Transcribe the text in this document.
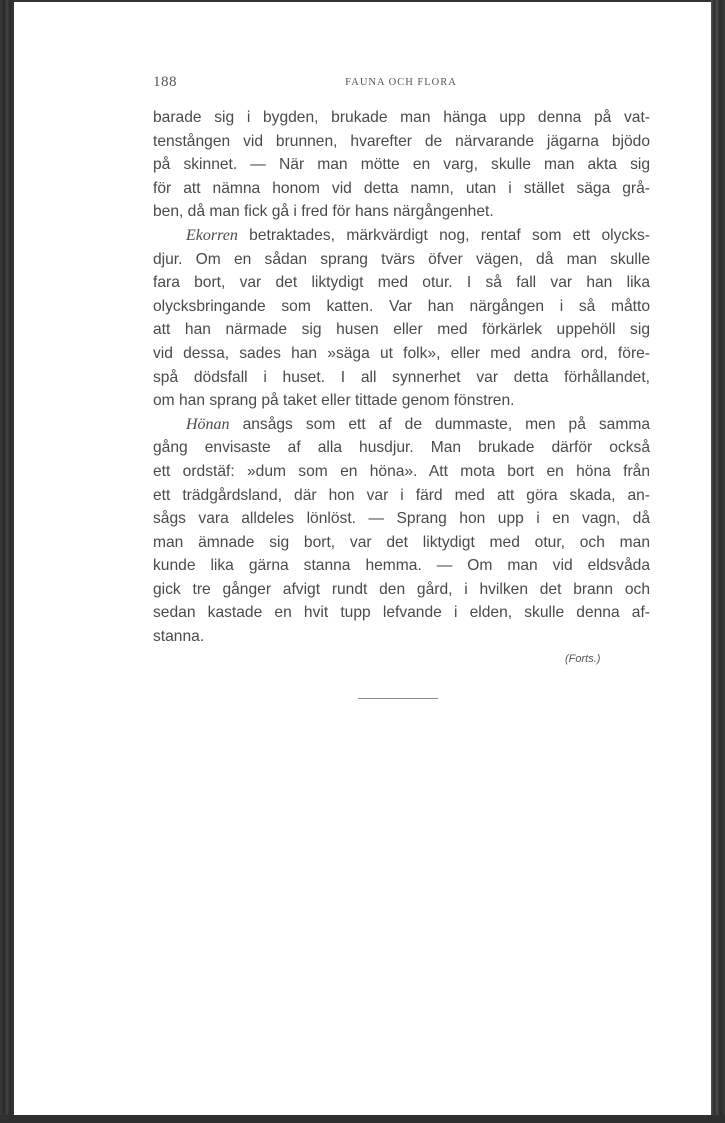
188	FAUNA OCH FLORA
barade sig i bygden, brukade man hänga upp denna på vat-
tenstången vid brunnen, hvarefter de närvarande jägarna bjödo
på skinnet. — När man mötte en varg, skulle man akta sig
för att nämna honom vid detta namn, utan i stället säga grå-
ben, då man fick gå i fred för hans närgångenhet.
Ekorren betraktades, märkvärdigt nog, rentaf som ett olycks-
djur. Om en sådan sprang tvärs öfver vägen, då man skulle
fara bort, var det liktydigt med otur. I så fall var han lika
olycksbringande som katten. Var han närgången i så måtto
att han närmade sig husen eller med förkärlek uppehöll sig
vid dessa, sades han »säga ut folk», eller med andra ord, före-
spå dödsfall i huset. I all synnerhet var detta förhållandet,
om han sprang på taket eller tittade genom fönstren.
Hönan ansågs som ett af de dummaste, men på samma
gång envisaste af alla husdjur. Man brukade därför också
ett ordstäf: »dum som en höna». Att mota bort en höna från
ett trädgårdsland, där hon var i färd med att göra skada, an-
sågs vara alldeles lönlöst. — Sprang hon upp i en vagn, då
man ämnade sig bort, var det liktydigt med otur, och man
kunde lika gärna stanna hemma. — Om man vid eldsvåda
gick tre gånger afvigt rundt den gård, i hvilken det brann och
sedan kastade en hvit tupp lefvande i elden, skulle denna af-
stanna.
(Forts.)
